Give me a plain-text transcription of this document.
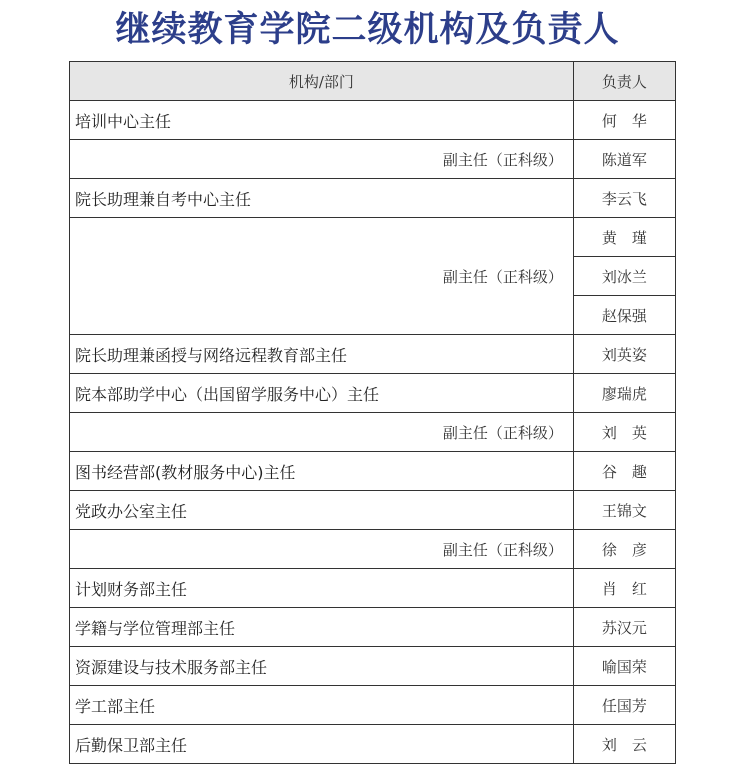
继续教育学院二级机构及负责人
机构/部门	负责人
培训中心主任	何　华
副主任（正科级）	陈道军
院长助理兼自考中心主任	李云飞
副主任（正科级）	黄　瑾
	刘冰兰
	赵保强
院长助理兼函授与网络远程教育部主任	刘英姿
院本部助学中心（出国留学服务中心）主任	廖瑞虎
副主任（正科级）	刘　英
图书经营部(教材服务中心)主任	谷　趣
党政办公室主任	王锦文
副主任（正科级）	徐　彦
计划财务部主任	肖　红
学籍与学位管理部主任	苏汉元
资源建设与技术服务部主任	喻国荣
学工部主任	任国芳
后勤保卫部主任	刘　云
